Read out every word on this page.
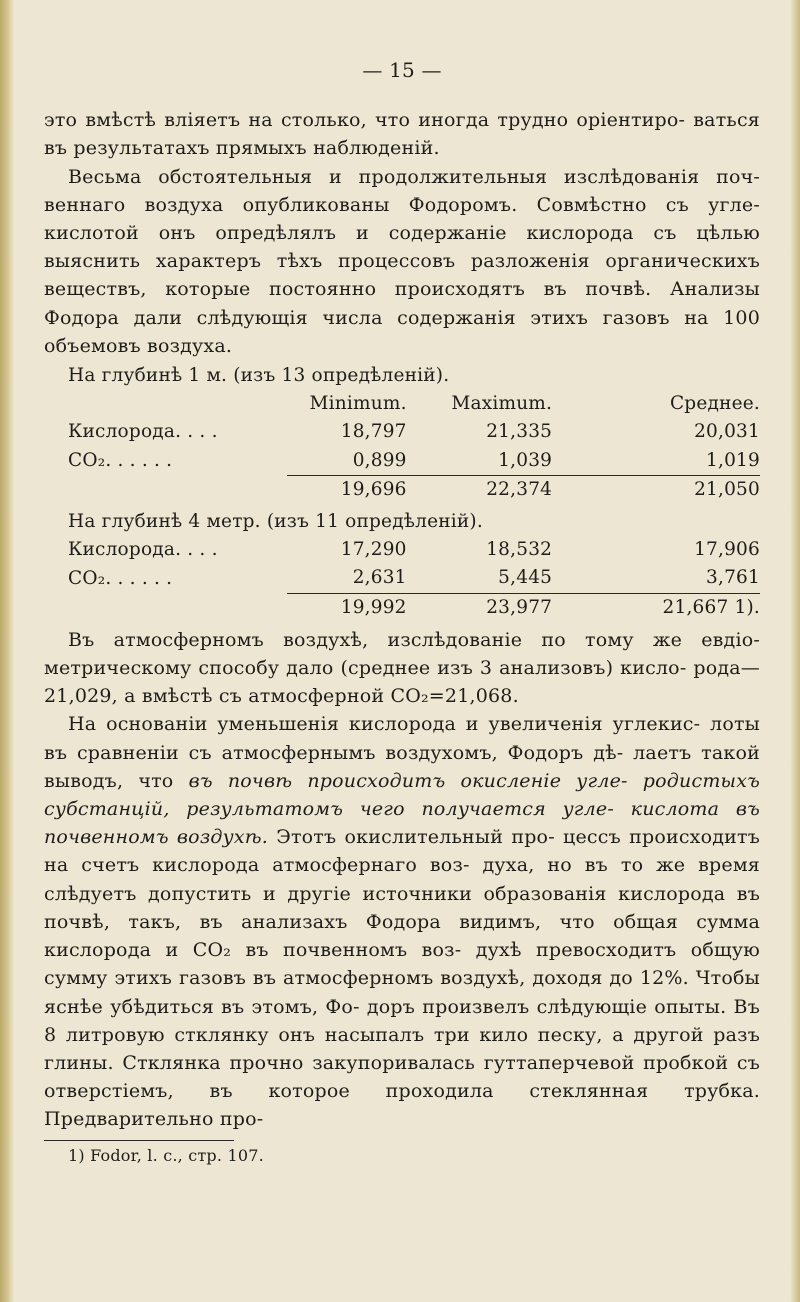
— 15 —

это вмѣстѣ вліяетъ на столько, что иногда трудно оріентиро- ваться въ результатахъ прямыхъ наблюденій.

Весьма обстоятельныя и продолжительныя изслѣдованія поч- веннаго воздуха опубликованы Фодоромъ. Совмѣстно съ угле- кислотой онъ опредѣлялъ и содержаніе кислорода съ цѣлью выяснить характеръ тѣхъ процессовъ разложенія органическихъ веществъ, которые постоянно происходятъ въ почвѣ. Анализы Фодора дали слѣдующія числа содержанія этихъ газовъ на 100 объемовъ воздуха.

На глубинѣ 1 м. (изъ 13 опредѣленій).			
	Minimum.	Maximum.	Среднее.
Кислорода. . . .	18,797	21,335	20,031
CO₂. . . . . .	0,899	1,039	1,019
	19,696	22,374	21,050
На глубинѣ 4 метр. (изъ 11 опредѣленій).			
Кислорода. . . .	17,290	18,532	17,906
CO₂. . . . . .	2,631	5,445	3,761
	19,992	23,977	21,667 1).

Въ атмосферномъ воздухѣ, изслѣдованіе по тому же евдіо- метрическому способу дало (среднее изъ 3 анализовъ) кисло- рода—21,029, а вмѣстѣ съ атмосферной CO₂=21,068.

На основаніи уменьшенія кислорода и увеличенія углекис- лоты въ сравненіи съ атмосфернымъ воздухомъ, Фодоръ дѣ- лаетъ такой выводъ, что въ почвѣ происходитъ окисленіе угле- родистыхъ субстанцій, результатомъ чего получается угле- кислота въ почвенномъ воздухѣ. Этотъ окислительный про- цессъ происходитъ на счетъ кислорода атмосфернаго воз- духа, но въ то же время слѣдуетъ допустить и другіе источники образованія кислорода въ почвѣ, такъ, въ анализахъ Фодора видимъ, что общая сумма кислорода и CO₂ въ почвенномъ воз- духѣ превосходитъ общую сумму этихъ газовъ въ атмосферномъ воздухѣ, доходя до 12%. Чтобы яснѣе убѣдиться въ этомъ, Фо- доръ произвелъ слѣдующіе опыты. Въ 8 литровую стклянку онъ насыпалъ три кило песку, а другой разъ глины. Стклянка прочно закупоривалась гуттаперчевой пробкой съ отверстіемъ, въ которое проходила стеклянная трубка. Предварительно про-

1) Fodor, l. c., стр. 107.
